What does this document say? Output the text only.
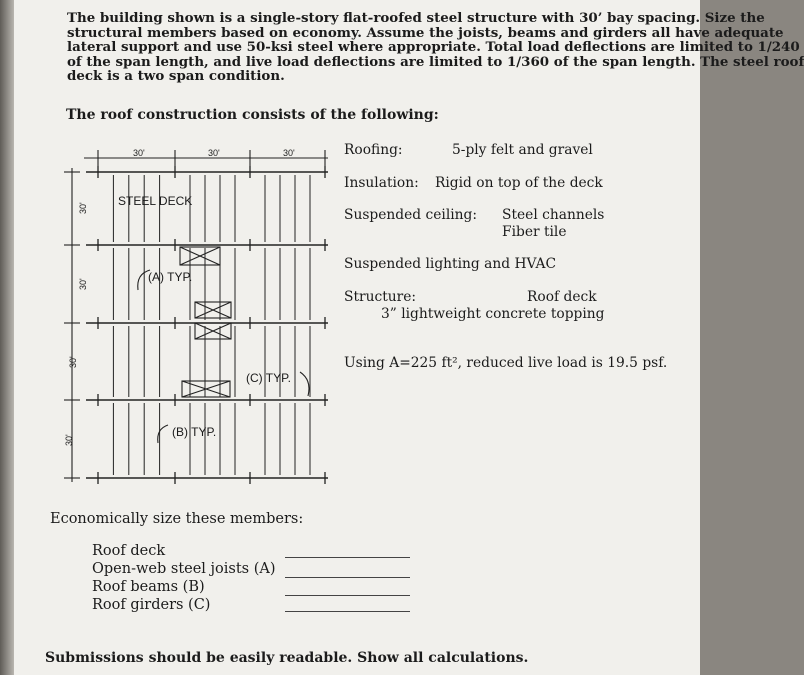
The building shown is a single-story flat-roofed steel structure with 30’ bay spacing. Size the
structural members based on economy. Assume the joists, beams and girders all have adequate
lateral support and use 50-ksi steel where appropriate. Total load deflections are limited to 1/240
of the span length, and live load deflections are limited to 1/360 of the span length. The steel roof
deck is a two span condition.
The roof construction consists of the following:
Roofing:	5-ply felt and gravel
Insulation: Rigid on top of the deck
Suspended ceiling: Steel channels
Fiber tile
Suspended lighting and HVAC
Structure:	Roof deck
3” lightweight concrete topping
Using A=225 ft², reduced live load is 19.5 psf.
30'	30'	30'
30'
30'
30'
30'
STEEL DECK
(A) TYP.
(C) TYP.
(B) TYP.
Economically size these members:
Roof deck
Open-web steel joists (A)
Roof beams (B)
Roof girders (C)
Submissions should be easily readable. Show all calculations.
